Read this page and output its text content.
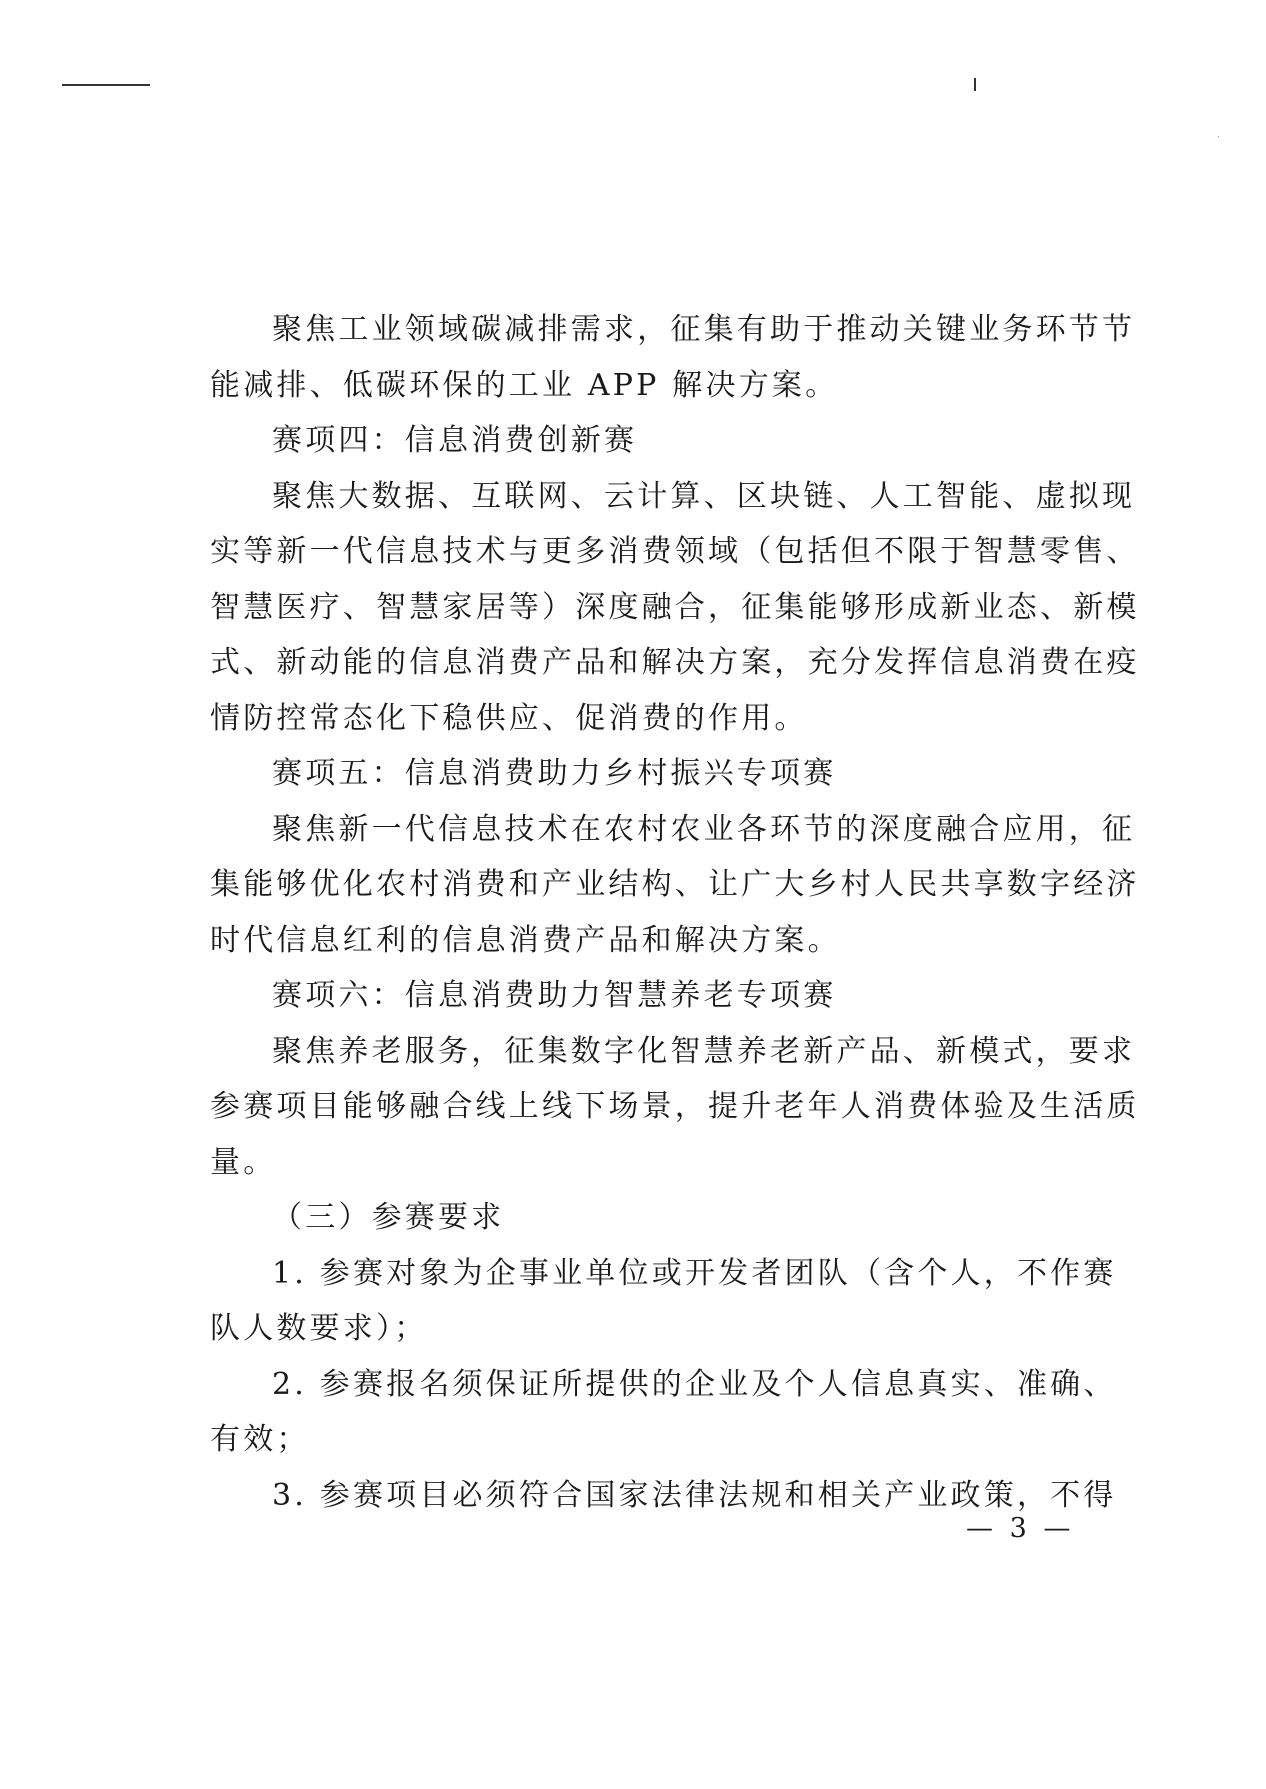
聚焦工业领域碳减排需求，征集有助于推动关键业务环节节
能减排、低碳环保的工业 APP 解决方案。
赛项四：信息消费创新赛
聚焦大数据、互联网、云计算、区块链、人工智能、虚拟现
实等新一代信息技术与更多消费领域（包括但不限于智慧零售、
智慧医疗、智慧家居等）深度融合，征集能够形成新业态、新模
式、新动能的信息消费产品和解决方案，充分发挥信息消费在疫
情防控常态化下稳供应、促消费的作用。
赛项五：信息消费助力乡村振兴专项赛
聚焦新一代信息技术在农村农业各环节的深度融合应用，征
集能够优化农村消费和产业结构、让广大乡村人民共享数字经济
时代信息红利的信息消费产品和解决方案。
赛项六：信息消费助力智慧养老专项赛
聚焦养老服务，征集数字化智慧养老新产品、新模式，要求
参赛项目能够融合线上线下场景，提升老年人消费体验及生活质
量。
（三）参赛要求
1. 参赛对象为企事业单位或开发者团队（含个人，不作赛
队人数要求）；
2. 参赛报名须保证所提供的企业及个人信息真实、准确、
有效；
3. 参赛项目必须符合国家法律法规和相关产业政策，不得
— 3 —
